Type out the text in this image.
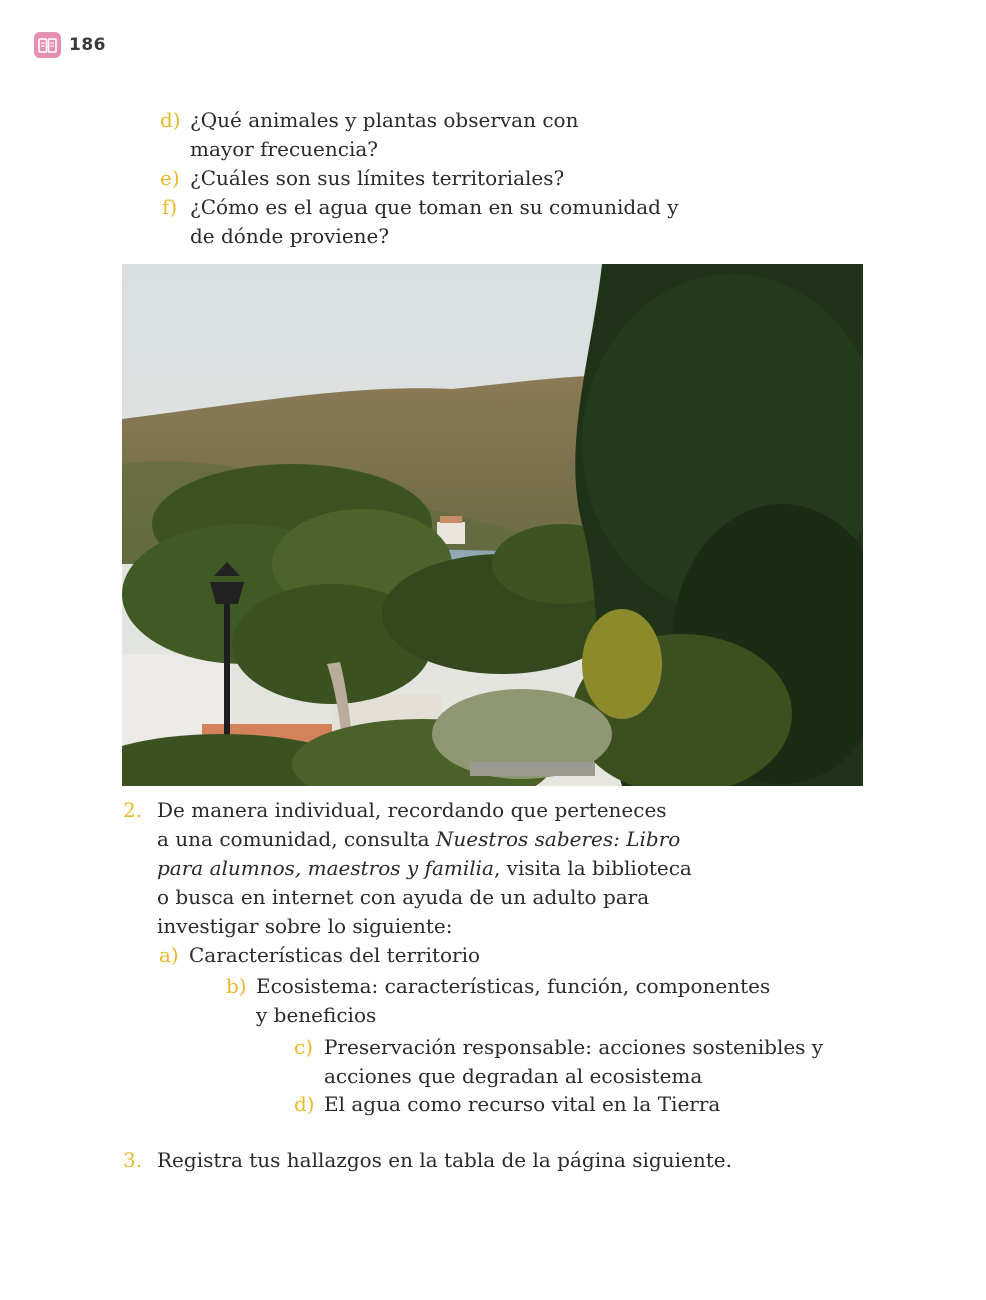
186
d) ¿Qué animales y plantas observan con
mayor frecuencia?
e) ¿Cuáles son sus límites territoriales?
f) ¿Cómo es el agua que toman en su comunidad y
de dónde proviene?
2. De manera individual, recordando que perteneces
a una comunidad, consulta Nuestros saberes: Libro
para alumnos, maestros y familia, visita la biblioteca
o busca en internet con ayuda de un adulto para
investigar sobre lo siguiente:
a) Características del territorio
b) Ecosistema: características, función, componentes
y beneficios
c) Preservación responsable: acciones sostenibles y
acciones que degradan al ecosistema
d) El agua como recurso vital en la Tierra
3. Registra tus hallazgos en la tabla de la página siguiente.
